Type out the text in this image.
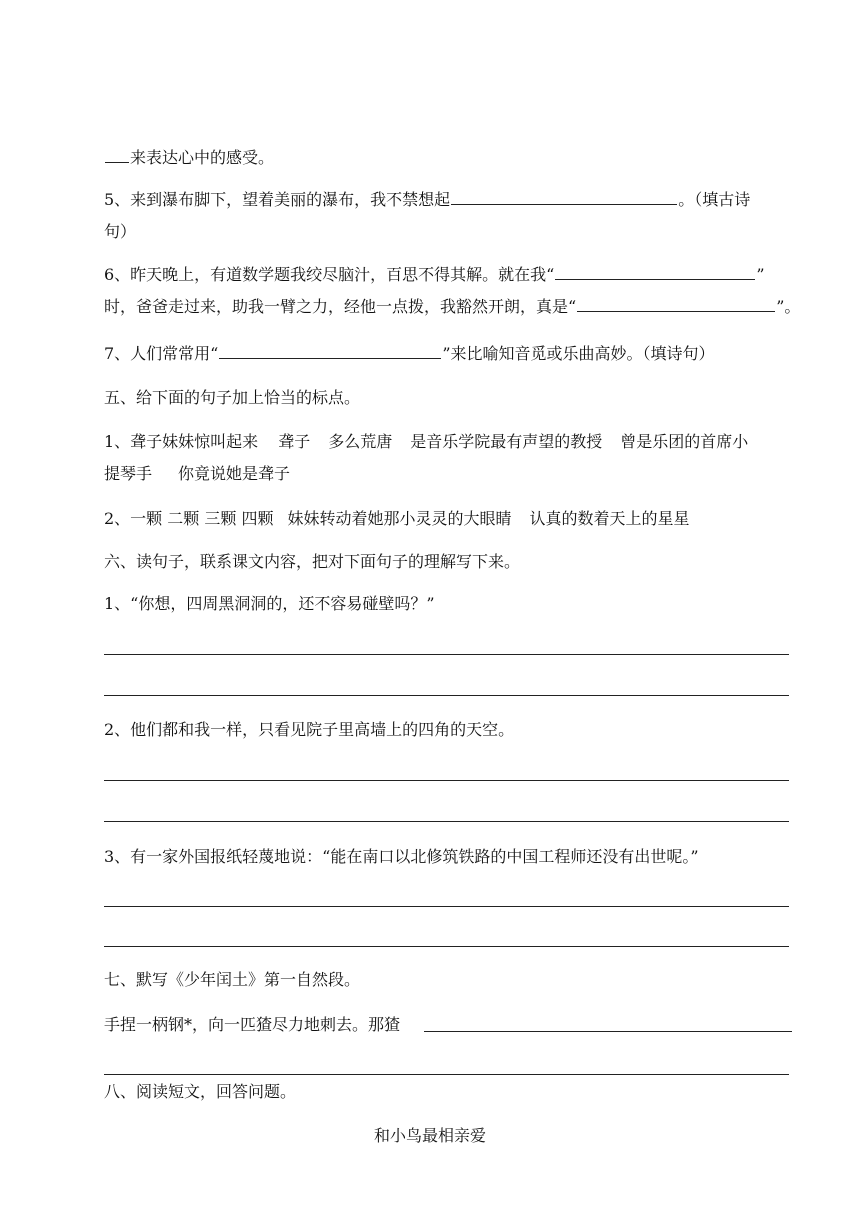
来表达心中的感受。
5、来到瀑布脚下，望着美丽的瀑布，我不禁想起	。（填古诗
句）
6、昨天晚上，有道数学题我绞尽脑汁，百思不得其解。就在我“	”
时，爸爸走过来，助我一臂之力，经他一点拨，我豁然开朗，真是“	”。
7、人们常常用“	”来比喻知音觅或乐曲高妙。（填诗句）
五、给下面的句子加上恰当的标点。
1、聋子妹妹惊叫起来 聋子 多么荒唐 是音乐学院最有声望的教授 曾是乐团的首席小
提琴手 你竟说她是聋子
2、一颗 二颗 三颗 四颗 妹妹转动着她那小灵灵的大眼睛 认真的数着天上的星星
六、读句子，联系课文内容，把对下面句子的理解写下来。
1、“你想，四周黑洞洞的，还不容易碰壁吗？”
2、他们都和我一样，只看见院子里高墙上的四角的天空。
3、有一家外国报纸轻蔑地说：“能在南口以北修筑铁路的中国工程师还没有出世呢。”
七、默写《少年闰土》第一自然段。
手捏一柄钢*，向一匹猹尽力地刺去。那猹
八、阅读短文，回答问题。
和小鸟最相亲爱
